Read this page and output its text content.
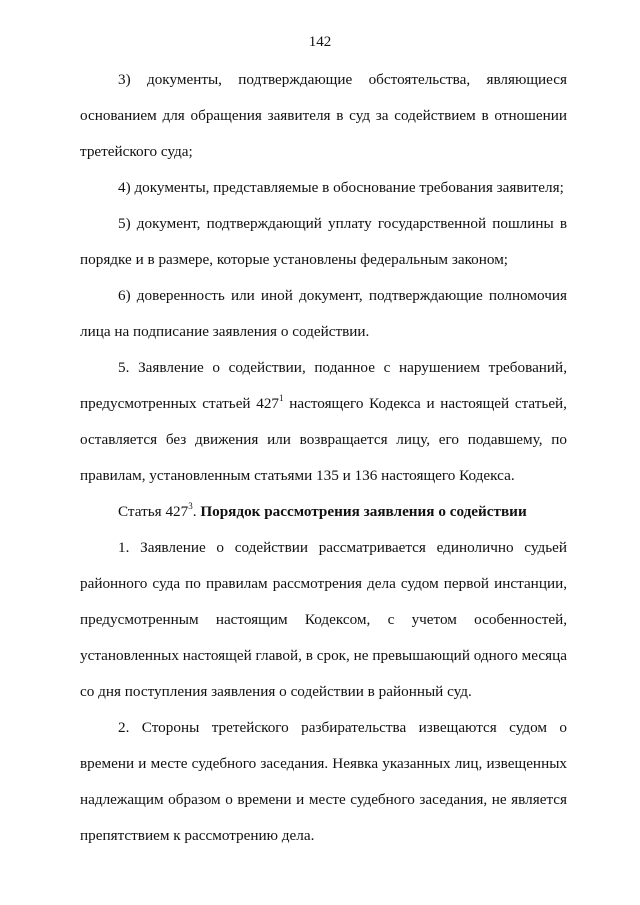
142
3) документы, подтверждающие обстоятельства, являющиеся
основанием для обращения заявителя в суд за содействием в отношении
третейского суда;
4) документы, представляемые в обоснование требования заявителя;
5) документ, подтверждающий уплату государственной пошлины в
порядке и в размере, которые установлены федеральным законом;
6) доверенность или иной документ, подтверждающие полномочия
лица на подписание заявления о содействии.
5. Заявление о содействии, поданное с нарушением требований,
предусмотренных статьей $427^1$ настоящего Кодекса и настоящей статьей,
оставляется без движения или возвращается лицу, его подавшему, по
правилам, установленным статьями 135 и 136 настоящего Кодекса.
Статья $427^3$. Порядок рассмотрения заявления о содействии
1. Заявление о содействии рассматривается единолично судьей
районного суда по правилам рассмотрения дела судом первой инстанции,
предусмотренным настоящим Кодексом, с учетом особенностей,
установленных настоящей главой, в срок, не превышающий одного месяца
со дня поступления заявления о содействии в районный суд.
2. Стороны третейского разбирательства извещаются судом о
времени и месте судебного заседания. Неявка указанных лиц, извещенных
надлежащим образом о времени и месте судебного заседания, не является
препятствием к рассмотрению дела.
